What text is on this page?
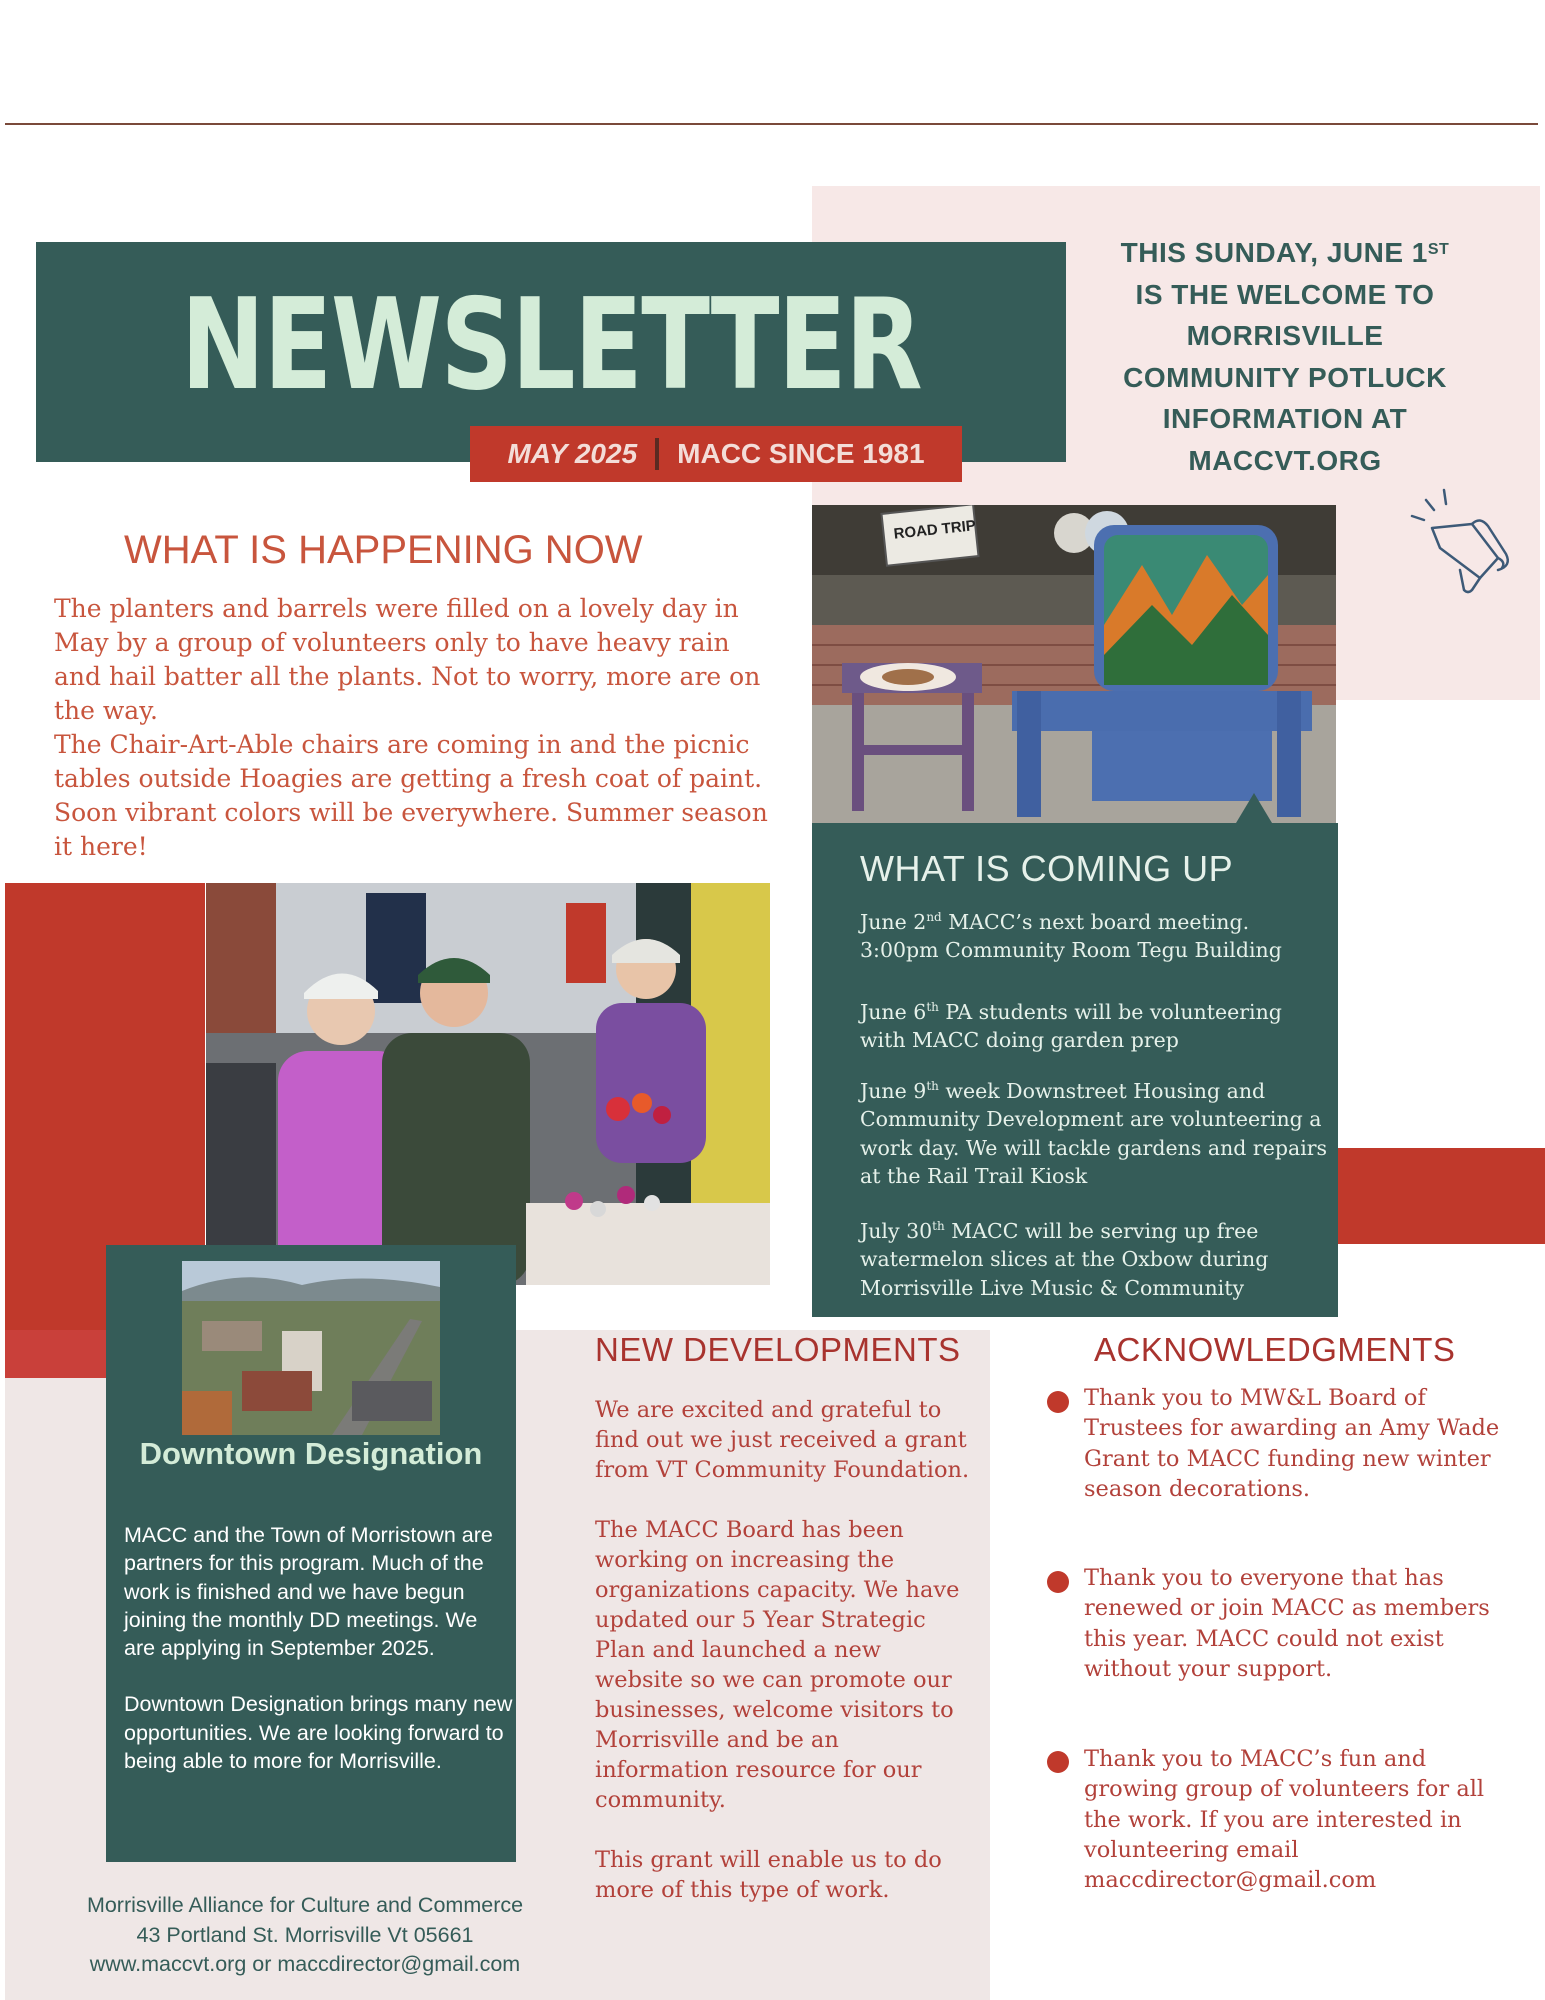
THIS SUNDAY, JUNE 1ST
IS THE WELCOME TO
MORRISVILLE
COMMUNITY POTLUCK
INFORMATION AT
MACCVT.ORG
NEWSLETTER
MAY 2025 MACC SINCE 1981
ROAD TRIP
WHAT IS COMING UP
June 2nd MACC’s next board meeting. 3:00pm Community Room Tegu Building
June 6th PA students will be volunteering with MACC doing garden prep
June 9th week Downstreet Housing and Community Development are volunteering a work day. We will tackle gardens and repairs at the Rail Trail Kiosk
July 30th MACC will be serving up free watermelon slices at the Oxbow during Morrisville Live Music & Community
WHAT IS HAPPENING NOW
The planters and barrels were filled on a lovely day in May by a group of volunteers only to have heavy rain and hail batter all the plants. Not to worry, more are on the way.
The Chair-Art-Able chairs are coming in and the picnic tables outside Hoagies are getting a fresh coat of paint. Soon vibrant colors will be everywhere. Summer season it here!
Downtown Designation
MACC and the Town of Morristown are partners for this program. Much of the work is finished and we have begun joining the monthly DD meetings. We are applying in September 2025.
Downtown Designation brings many new opportunities. We are looking forward to being able to more for Morrisville.
Morrisville Alliance for Culture and Commerce
43 Portland St. Morrisville Vt 05661
www.maccvt.org or maccdirector@gmail.com
NEW DEVELOPMENTS
We are excited and grateful to find out we just received a grant from VT Community Foundation.
The MACC Board has been working on increasing the organizations capacity. We have updated our 5 Year Strategic Plan and launched a new website so we can promote our businesses, welcome visitors to Morrisville and be an information resource for our community.
This grant will enable us to do more of this type of work.
ACKNOWLEDGMENTS
Thank you to MW&L Board of Trustees for awarding an Amy Wade Grant to MACC funding new winter season decorations.
Thank you to everyone that has renewed or join MACC as members this year. MACC could not exist without your support.
Thank you to MACC’s fun and growing group of volunteers for all the work. If you are interested in volunteering email maccdirector@gmail.com
